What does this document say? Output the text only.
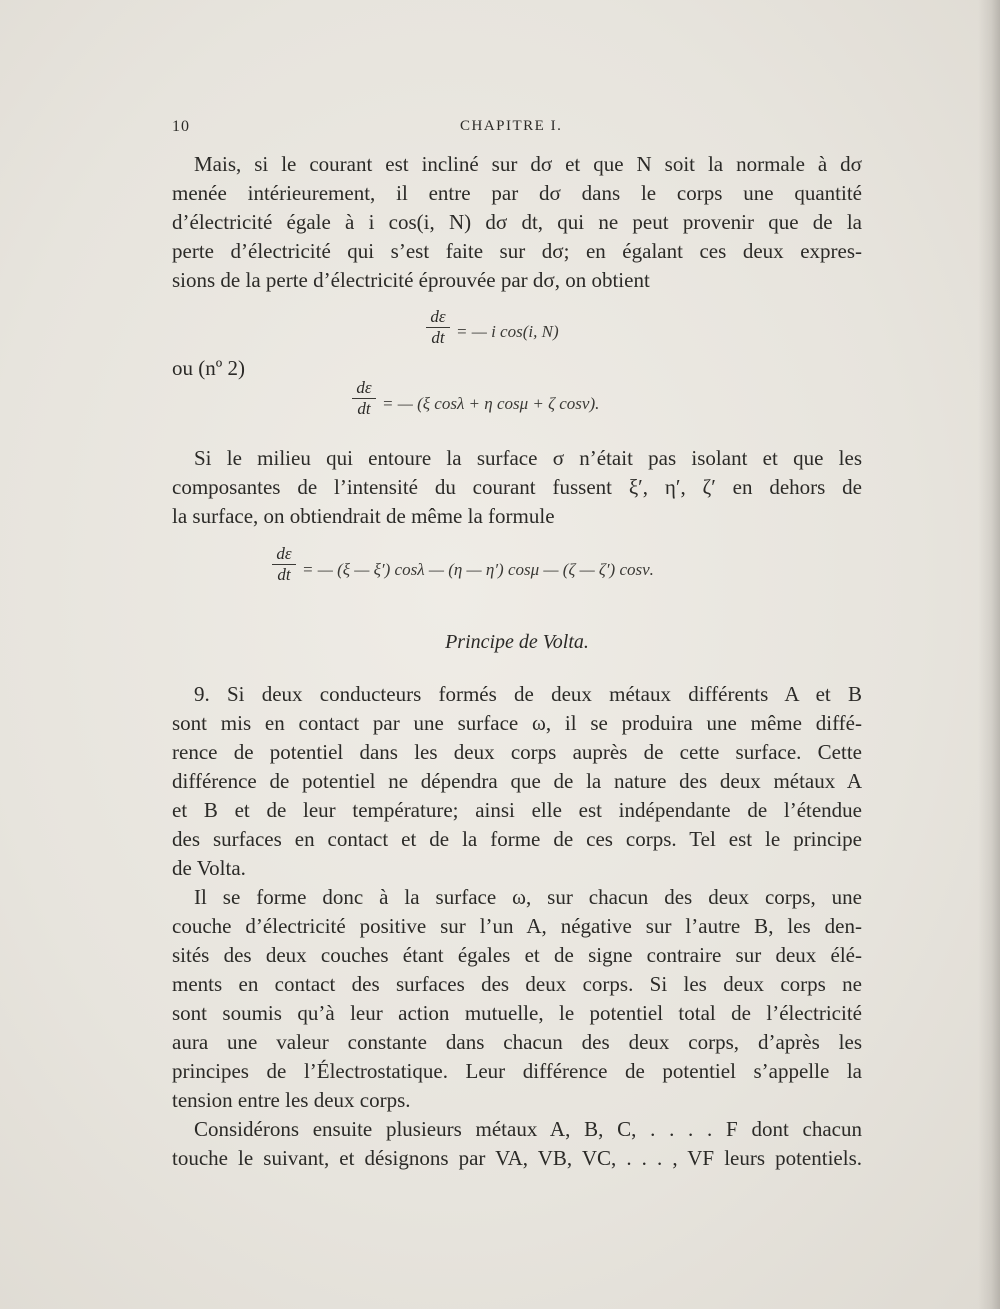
10	CHAPITRE I.
Mais, si le courant est incliné sur dσ et que N soit la normale à dσ
menée intérieurement, il entre par dσ dans le corps une quantité
d’électricité égale à i cos(i, N) dσ dt, qui ne peut provenir que de la
perte d’électricité qui s’est faite sur dσ; en égalant ces deux expres-
sions de la perte d’électricité éprouvée par dσ, on obtient
dε
dt = — i cos(i, N)
ou (nº 2)
dε
dt = — (ξ cosλ + η cosμ + ζ cosν).
Si le milieu qui entoure la surface σ n’était pas isolant et que les
composantes de l’intensité du courant fussent ξ′, η′, ζ′ en dehors de
la surface, on obtiendrait de même la formule
dε
dt = — (ξ — ξ′) cosλ — (η — η′) cosμ — (ζ — ζ′) cosν.
Principe de Volta.
9. Si deux conducteurs formés de deux métaux différents A et B
sont mis en contact par une surface ω, il se produira une même diffé-
rence de potentiel dans les deux corps auprès de cette surface. Cette
différence de potentiel ne dépendra que de la nature des deux métaux A
et B et de leur température; ainsi elle est indépendante de l’étendue
des surfaces en contact et de la forme de ces corps. Tel est le principe
de Volta.
Il se forme donc à la surface ω, sur chacun des deux corps, une
couche d’électricité positive sur l’un A, négative sur l’autre B, les den-
sités des deux couches étant égales et de signe contraire sur deux élé-
ments en contact des surfaces des deux corps. Si les deux corps ne
sont soumis qu’à leur action mutuelle, le potentiel total de l’électricité
aura une valeur constante dans chacun des deux corps, d’après les
principes de l’Électrostatique. Leur différence de potentiel s’appelle la
tension entre les deux corps.
Considérons ensuite plusieurs métaux A, B, C, . . . . F dont chacun
touche le suivant, et désignons par VA, VB, VC, . . . , VF leurs potentiels.
